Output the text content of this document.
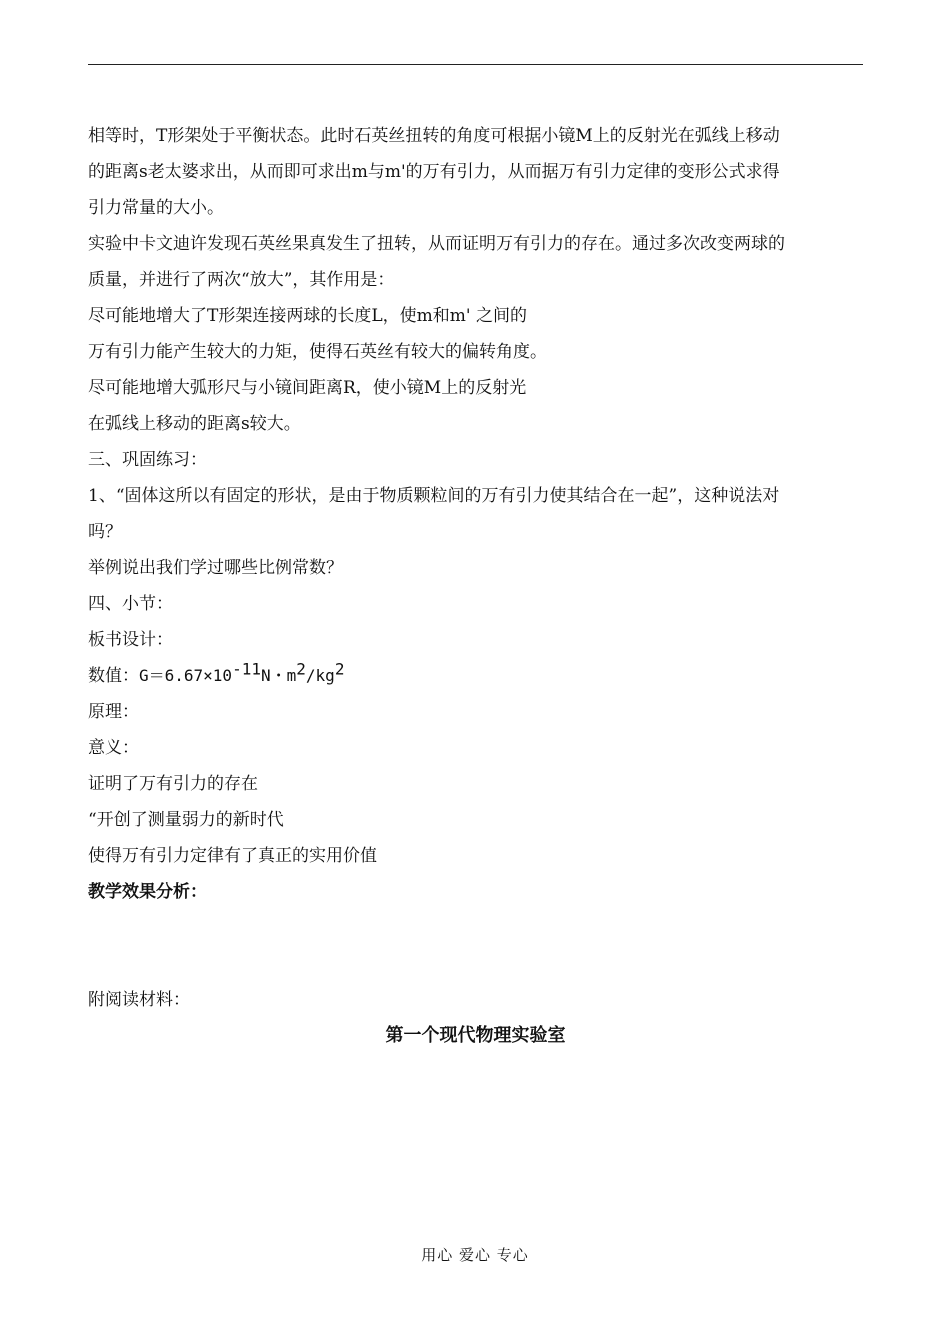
相等时，T形架处于平衡状态。此时石英丝扭转的角度可根据小镜M上的反射光在弧线上移动
的距离s老太婆求出，从而即可求出m与m'的万有引力，从而据万有引力定律的变形公式求得
引力常量的大小。
实验中卡文迪许发现石英丝果真发生了扭转，从而证明万有引力的存在。通过多次改变两球的
质量，并进行了两次“放大”，其作用是：
尽可能地增大了T形架连接两球的长度L，使m和m' 之间的
万有引力能产生较大的力矩，使得石英丝有较大的偏转角度。
尽可能地增大弧形尺与小镜间距离R，使小镜M上的反射光
在弧线上移动的距离s较大。
三、巩固练习：
1、“固体这所以有固定的形状，是由于物质颗粒间的万有引力使其结合在一起”，这种说法对
吗？
举例说出我们学过哪些比例常数？
四、小节：
板书设计：
数值：G＝6.67×10-11N・m2/kg2
原理：
意义：
证明了万有引力的存在
“开创了测量弱力的新时代
使得万有引力定律有了真正的实用价值
教学效果分析：
附阅读材料：
第一个现代物理实验室
用心 爱心 专心
